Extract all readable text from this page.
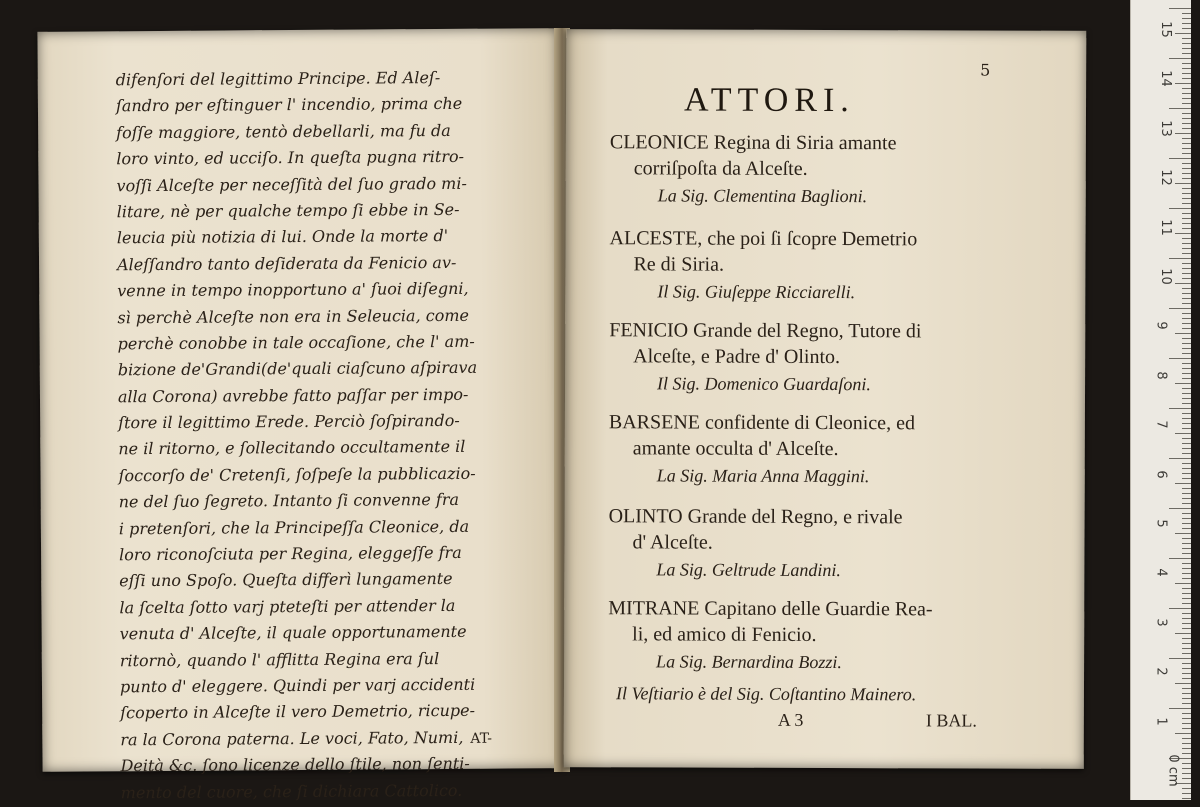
difenſori del legittimo Principe. Ed Aleſ-
ſandro per eſtinguer l' incendio, prima che
foſſe maggiore, tentò debellarli, ma fu da
loro vinto, ed ucciſo. In queſta pugna ritro-
voſſi Alceſte per neceſſità del ſuo grado mi-
litare, nè per qualche tempo ſi ebbe in Se-
leucia più notizia di lui. Onde la morte d'
Aleſſandro tanto deſiderata da Fenicio av-
venne in tempo inopportuno a' ſuoi diſegni,
sì perchè Alceſte non era in Seleucia, come
perchè conobbe in tale occaſione, che l' am-
bizione de'Grandi(de'quali ciaſcuno aſpirava
alla Corona) avrebbe fatto paſſar per impo-
ſtore il legittimo Erede. Perciò ſoſpirando-
ne il ritorno, e ſollecitando occultamente il
ſoccorſo de' Cretenſi, ſoſpeſe la pubblicazio-
ne del ſuo ſegreto. Intanto ſi convenne fra
i pretenſori, che la Principeſſa Cleonice, da
loro riconoſciuta per Regina, eleggeſſe fra
eſſi uno Spoſo. Queſta differì lungamente
la ſcelta ſotto varj pteteſti per attender la
venuta d' Alceſte, il quale opportunamente
ritornò, quando l' afflitta Regina era ſul
punto d' eleggere. Quindi per varj accidenti
ſcoperto in Alceſte il vero Demetrio, ricupe-
ra la Corona paterna. Le voci, Fato, Numi,
Deità &c. ſono licenze dello ſtile, non ſenti-
mento del cuore, che ſi dichiara Cattolico.
AT-
5
ATTORI.
CLEONICE Regina di Siria amante
corriſpoſta da Alceſte.
La Sig. Clementina Baglioni.
ALCESTE, che poi ſi ſcopre Demetrio
Re di Siria.
Il Sig. Giuſeppe Ricciarelli.
FENICIO Grande del Regno, Tutore di
Alceſte, e Padre d' Olinto.
Il Sig. Domenico Guardaſoni.
BARSENE confidente di Cleonice, ed
amante occulta d' Alceſte.
La Sig. Maria Anna Maggini.
OLINTO Grande del Regno, e rivale
d' Alceſte.
La Sig. Geltrude Landini.
MITRANE Capitano delle Guardie Rea-
li, ed amico di Fenicio.
La Sig. Bernardina Bozzi.
Il Veſtiario è del Sig. Coſtantino Mainero.
A 3	I BAL.
15
14
13
12
11
10
9
8
7
6
5
4
3
2
1
0 cm
